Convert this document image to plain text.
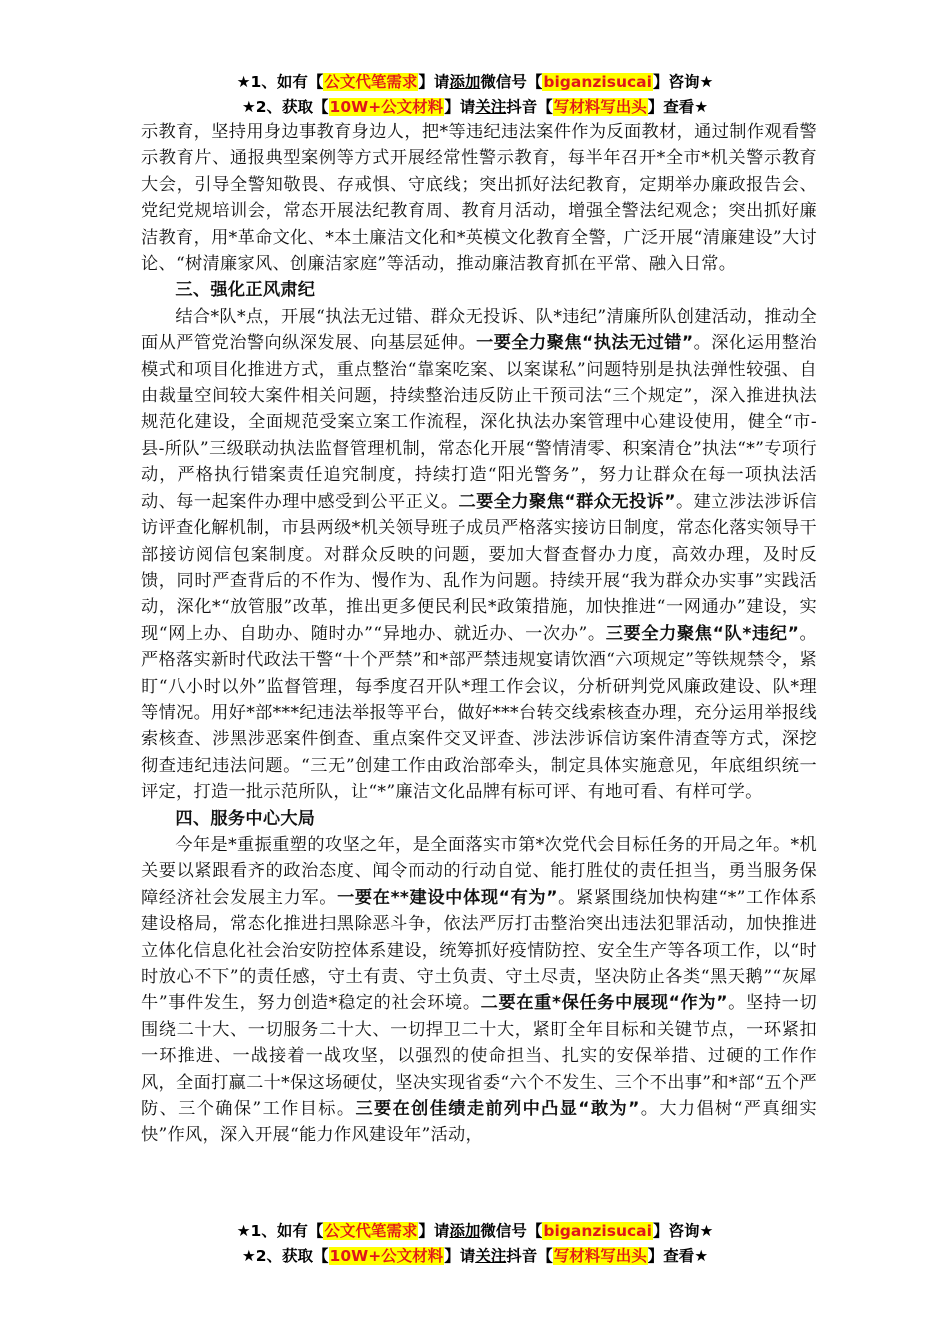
★1、如有【公文代笔需求】请添加微信号【biganzisucai】咨询★
★2、获取【10W+公文材料】请关注抖音【写材料写出头】查看★

示教育，坚持用身边事教育身边人，把*等违纪违法案件作为反面教材，通过制作观看警示教育片、通报典型案例等方式开展经常性警示教育，每半年召开*全市*机关警示教育大会，引导全警知敬畏、存戒惧、守底线；突出抓好法纪教育，定期举办廉政报告会、党纪党规培训会，常态开展法纪教育周、教育月活动，增强全警法纪观念；突出抓好廉洁教育，用*革命文化、*本土廉洁文化和*英模文化教育全警，广泛开展“清廉建设”大讨论、“树清廉家风、创廉洁家庭”等活动，推动廉洁教育抓在平常、融入日常。

三、强化正风肃纪

结合*队*点，开展“执法无过错、群众无投诉、队*违纪”清廉所队创建活动，推动全面从严管党治警向纵深发展、向基层延伸。一要全力聚焦“执法无过错”。深化运用整治模式和项目化推进方式，重点整治“靠案吃案、以案谋私”问题特别是执法弹性较强、自由裁量空间较大案件相关问题，持续整治违反防止干预司法“三个规定”，深入推进执法规范化建设，全面规范受案立案工作流程，深化执法办案管理中心建设使用，健全“市-县-所队”三级联动执法监督管理机制，常态化开展“警情清零、积案清仓”执法“*”专项行动，严格执行错案责任追究制度，持续打造“阳光警务”，努力让群众在每一项执法活动、每一起案件办理中感受到公平正义。二要全力聚焦“群众无投诉”。建立涉法涉诉信访评查化解机制，市县两级*机关领导班子成员严格落实接访日制度，常态化落实领导干部接访阅信包案制度。对群众反映的问题，要加大督查督办力度，高效办理，及时反馈，同时严查背后的不作为、慢作为、乱作为问题。持续开展“我为群众办实事”实践活动，深化*“放管服”改革，推出更多便民利民*政策措施，加快推进“一网通办”建设，实现“网上办、自助办、随时办”“异地办、就近办、一次办”。三要全力聚焦“队*违纪”。严格落实新时代政法干警“十个严禁”和*部严禁违规宴请饮酒“六项规定”等铁规禁令，紧盯“八小时以外”监督管理，每季度召开队*理工作会议，分析研判党风廉政建设、队*理等情况。用好*部***纪违法举报等平台，做好***台转交线索核查办理，充分运用举报线索核查、涉黑涉恶案件倒查、重点案件交叉评查、涉法涉诉信访案件清查等方式，深挖彻查违纪违法问题。“三无”创建工作由政治部牵头，制定具体实施意见，年底组织统一评定，打造一批示范所队，让“*”廉洁文化品牌有标可评、有地可看、有样可学。

四、服务中心大局

今年是*重振重塑的攻坚之年，是全面落实市第*次党代会目标任务的开局之年。*机关要以紧跟看齐的政治态度、闻令而动的行动自觉、能打胜仗的责任担当，勇当服务保障经济社会发展主力军。一要在**建设中体现“有为”。紧紧围绕加快构建“*”工作体系建设格局，常态化推进扫黑除恶斗争，依法严厉打击整治突出违法犯罪活动，加快推进立体化信息化社会治安防控体系建设，统筹抓好疫情防控、安全生产等各项工作，以“时时放心不下”的责任感，守土有责、守土负责、守土尽责，坚决防止各类“黑天鹅”“灰犀牛”事件发生，努力创造*稳定的社会环境。二要在重*保任务中展现“作为”。坚持一切围绕二十大、一切服务二十大、一切捍卫二十大，紧盯全年目标和关键节点，一环紧扣一环推进、一战接着一战攻坚，以强烈的使命担当、扎实的安保举措、过硬的工作作风，全面打赢二十*保这场硬仗，坚决实现省委“六个不发生、三个不出事”和*部“五个严防、三个确保”工作目标。三要在创佳绩走前列中凸显“敢为”。大力倡树“严真细实快”作风，深入开展“能力作风建设年”活动，

★1、如有【公文代笔需求】请添加微信号【biganzisucai】咨询★
★2、获取【10W+公文材料】请关注抖音【写材料写出头】查看★
